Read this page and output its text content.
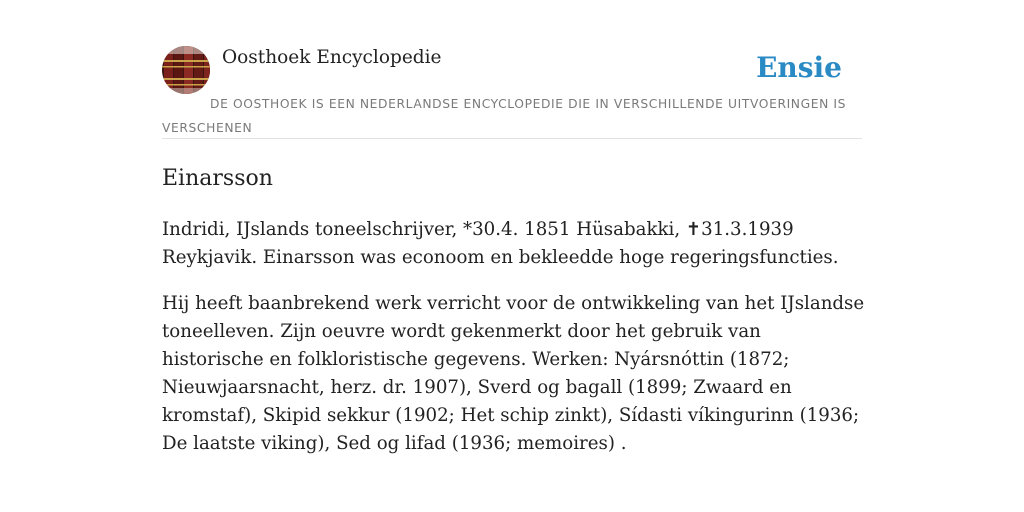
Oosthoek Encyclopedie	Ensie
DE OOSTHOEK IS EEN NEDERLANDSE ENCYCLOPEDIE DIE IN VERSCHILLENDE UITVOERINGEN IS VERSCHENEN
Einarsson

Indridi, IJslands toneelschrijver, *30.4. 1851 Hüsabakki, ✝31.3.1939 Reykjavik. Einarsson was econoom en bekleedde hoge regeringsfuncties.

Hij heeft baanbrekend werk verricht voor de ontwikkeling van het IJslandse toneelleven. Zijn oeuvre wordt gekenmerkt door het gebruik van historische en folkloristische gegevens. Werken: Nyársnóttin (1872; Nieuwjaarsnacht, herz. dr. 1907), Sverd og bagall (1899; Zwaard en kromstaf), Skipid sekkur (1902; Het schip zinkt), Sídasti víkingurinn (1936; De laatste viking), Sed og lifad (1936; memoires) .
